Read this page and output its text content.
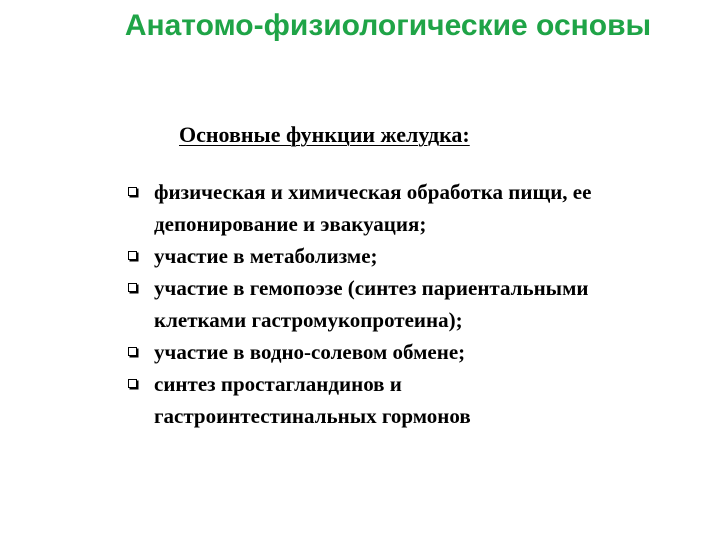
Анатомо-физиологические основы
Основные функции желудка:
физическая и химическая обработка пищи, ее
депонирование и эвакуация;
участие в метаболизме;
участие в гемопоэзе (синтез париентальными
клетками гастромукопротеина);
участие в водно-солевом обмене;
синтез простагландинов и
гастроинтестинальных гормонов
